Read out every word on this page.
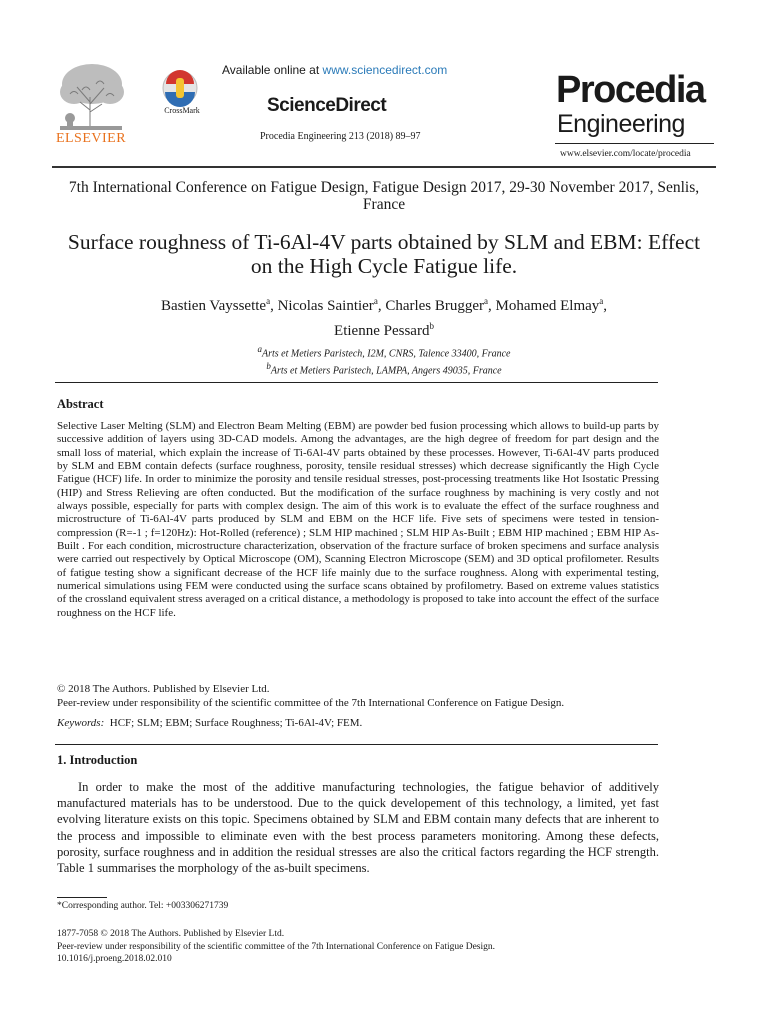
ELSEVIER
CrossMark
Available online at www.sciencedirect.com
ScienceDirect
Procedia Engineering 213 (2018) 89–97
Procedia
Engineering
www.elsevier.com/locate/procedia
7th International Conference on Fatigue Design, Fatigue Design 2017, 29-30 November 2017, Senlis, France
Surface roughness of Ti-6Al-4V parts obtained by SLM and EBM: Effect on the High Cycle Fatigue life.
Bastien Vayssette$^a$, Nicolas Saintier$^a$, Charles Brugger$^a$, Mohamed Elmay$^a$,
Etienne Pessard$^b$
$^a$Arts et Metiers Paristech, I2M, CNRS, Talence 33400, France
$^b$Arts et Metiers Paristech, LAMPA, Angers 49035, France
Abstract
Selective Laser Melting (SLM) and Electron Beam Melting (EBM) are powder bed fusion processing which allows to build-up parts by successive addition of layers using 3D-CAD models. Among the advantages, are the high degree of freedom for part design and the small loss of material, which explain the increase of Ti-6Al-4V parts obtained by these processes. However, Ti-6Al-4V parts produced by SLM and EBM contain defects (surface roughness, porosity, tensile residual stresses) which decrease significantly the High Cycle Fatigue (HCF) life. In order to minimize the porosity and tensile residual stresses, post-processing treatments like Hot Isostatic Pressing (HIP) and Stress Relieving are often conducted. But the modification of the surface roughness by machining is very costly and not always possible, especially for parts with complex design. The aim of this work is to evaluate the effect of the surface roughness and microstructure of Ti-6Al-4V parts produced by SLM and EBM on the HCF life. Five sets of specimens were tested in tension-compression (R=-1 ; f=120Hz): Hot-Rolled (reference) ; SLM HIP machined ; SLM HIP As-Built ; EBM HIP machined ; EBM HIP As-Built . For each condition, microstructure characterization, observation of the fracture surface of broken specimens and surface analysis were carried out respectively by Optical Microscope (OM), Scanning Electron Microscope (SEM) and 3D optical profilometer. Results of fatigue testing show a significant decrease of the HCF life mainly due to the surface roughness. Along with experimental testing, numerical simulations using FEM were conducted using the surface scans obtained by profilometry. Based on extreme values statistics of the crossland equivalent stress averaged on a critical distance, a methodology is proposed to take into account the effect of the surface roughness on the HCF life.
© 2018 The Authors. Published by Elsevier Ltd.
Peer-review under responsibility of the scientific committee of the 7th International Conference on Fatigue Design.
Keywords: HCF; SLM; EBM; Surface Roughness; Ti-6Al-4V; FEM.
1. Introduction
In order to make the most of the additive manufacturing technologies, the fatigue behavior of additively manufactured materials has to be understood. Due to the quick developement of this technology, a limited, yet fast evolving literature exists on this topic. Specimens obtained by SLM and EBM contain many defects that are inherent to the process and impossible to eliminate even with the best process parameters monitoring. Among these defects, porosity, surface roughness and in addition the residual stresses are also the critical factors regarding the HCF strength. Table 1 summarises the morphology of the as-built specimens.
*Corresponding author. Tel: +003306271739
1877-7058 © 2018 The Authors. Published by Elsevier Ltd.
Peer-review under responsibility of the scientific committee of the 7th International Conference on Fatigue Design.
10.1016/j.proeng.2018.02.010
